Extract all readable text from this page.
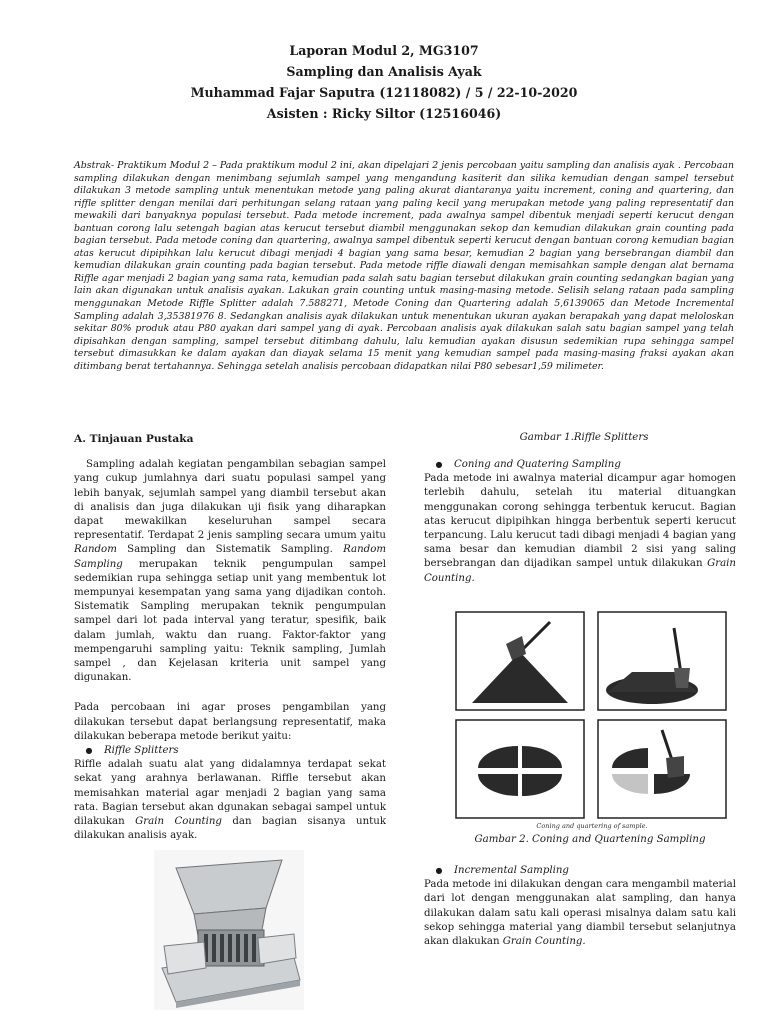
Laporan Modul 2, MG3107
Sampling dan Analisis Ayak
Muhammad Fajar Saputra (12118082) / 5 / 22-10-2020
Asisten : Ricky Siltor (12516046)
Abstrak- Praktikum Modul 2 – Pada praktikum modul 2 ini, akan dipelajari 2 jenis percobaan yaitu sampling dan analisis ayak . Percobaan sampling dilakukan dengan menimbang sejumlah sampel yang mengandung kasiterit dan silika kemudian dengan sampel tersebut dilakukan 3 metode sampling untuk menentukan metode yang paling akurat diantaranya yaitu increment, coning and quartering, dan riffle splitter dengan menilai dari perhitungan selang rataan yang paling kecil yang merupakan metode yang paling representatif dan mewakili dari banyaknya populasi tersebut. Pada metode increment, pada awalnya sampel dibentuk menjadi seperti kerucut dengan bantuan corong lalu setengah bagian atas kerucut tersebut diambil menggunakan sekop dan kemudian dilakukan grain counting pada bagian tersebut. Pada metode coning dan quartering, awalnya sampel dibentuk seperti kerucut dengan bantuan corong kemudian bagian atas kerucut dipipihkan lalu kerucut dibagi menjadi 4 bagian yang sama besar, kemudian 2 bagian yang bersebrangan diambil dan kemudian dilakukan grain counting pada bagian tersebut. Pada metode riffle diawali dengan memisahkan sample dengan alat bernama Riffle agar menjadi 2 bagian yang sama rata, kemudian pada salah satu bagian tersebut dilakukan grain counting sedangkan bagian yang lain akan digunakan untuk analisis ayakan. Lakukan grain counting untuk masing-masing metode. Selisih selang rataan pada sampling menggunakan Metode Riffle Splitter adalah 7.588271, Metode Coning dan Quartering adalah 5,6139065 dan Metode Incremental Sampling adalah 3,35381976 8. Sedangkan analisis ayak dilakukan untuk menentukan ukuran ayakan berapakah yang dapat meloloskan sekitar 80% produk atau P80 ayakan dari sampel yang di ayak. Percobaan analisis ayak dilakukan salah satu bagian sampel yang telah dipisahkan dengan sampling, sampel tersebut ditimbang dahulu, lalu kemudian ayakan disusun sedemikian rupa sehingga sampel tersebut dimasukkan ke dalam ayakan dan diayak selama 15 menit yang kemudian sampel pada masing-masing fraksi ayakan akan ditimbang berat tertahannya. Sehingga setelah analisis percobaan didapatkan nilai P80 sebesar1,59 milimeter.
A. Tinjauan Pustaka

Sampling adalah kegiatan pengambilan sebagian sampel yang cukup jumlahnya dari suatu populasi sampel yang lebih banyak, sejumlah sampel yang diambil tersebut akan di analisis dan juga dilakukan uji fisik yang diharapkan dapat mewakilkan keseluruhan sampel secara representatif. Terdapat 2 jenis sampling secara umum yaitu Random Sampling dan Sistematik Sampling. Random Sampling merupakan teknik pengumpulan sampel sedemikian rupa sehingga setiap unit yang membentuk lot mempunyai kesempatan yang sama yang dijadikan contoh. Sistematik Sampling merupakan teknik pengumpulan sampel dari lot pada interval yang teratur, spesifik, baik dalam jumlah, waktu dan ruang. Faktor-faktor yang mempengaruhi sampling yaitu: Teknik sampling, Jumlah sampel , dan Kejelasan kriteria unit sampel yang digunakan.

Pada percobaan ini agar proses pengambilan yang dilakukan tersebut dapat berlangsung representatif, maka dilakukan beberapa metode berikut yaitu:

●	Riffle Splitters

Riffle adalah suatu alat yang didalamnya terdapat sekat sekat yang arahnya berlawanan. Riffle tersebut akan memisahkan material agar menjadi 2 bagian yang sama rata. Bagian tersebut akan dgunakan sebagai sampel untuk dilakukan Grain Counting dan bagian sisanya untuk dilakukan analisis ayak.

Gambar 1.Riffle Splitters
●	Coning and Quatering Sampling

Pada metode ini awalnya material dicampur agar homogen terlebih dahulu, setelah itu material dituangkan menggunakan corong sehingga terbentuk kerucut. Bagian atas kerucut dipipihkan hingga berbentuk seperti kerucut terpancung. Lalu kerucut tadi dibagi menjadi 4 bagian yang sama besar dan kemudian diambil 2 sisi yang saling bersebrangan dan dijadikan sampel untuk dilakukan Grain Counting.

Coning and quartering of sample.
Gambar 2. Coning and Quartening Sampling
●	Incremental Sampling

Pada metode ini dilakukan dengan cara mengambil material dari lot dengan menggunakan alat sampling, dan hanya dilakukan dalam satu kali operasi misalnya dalam satu kali sekop sehingga material yang diambil tersebut selanjutnya akan dlakukan Grain Counting.
